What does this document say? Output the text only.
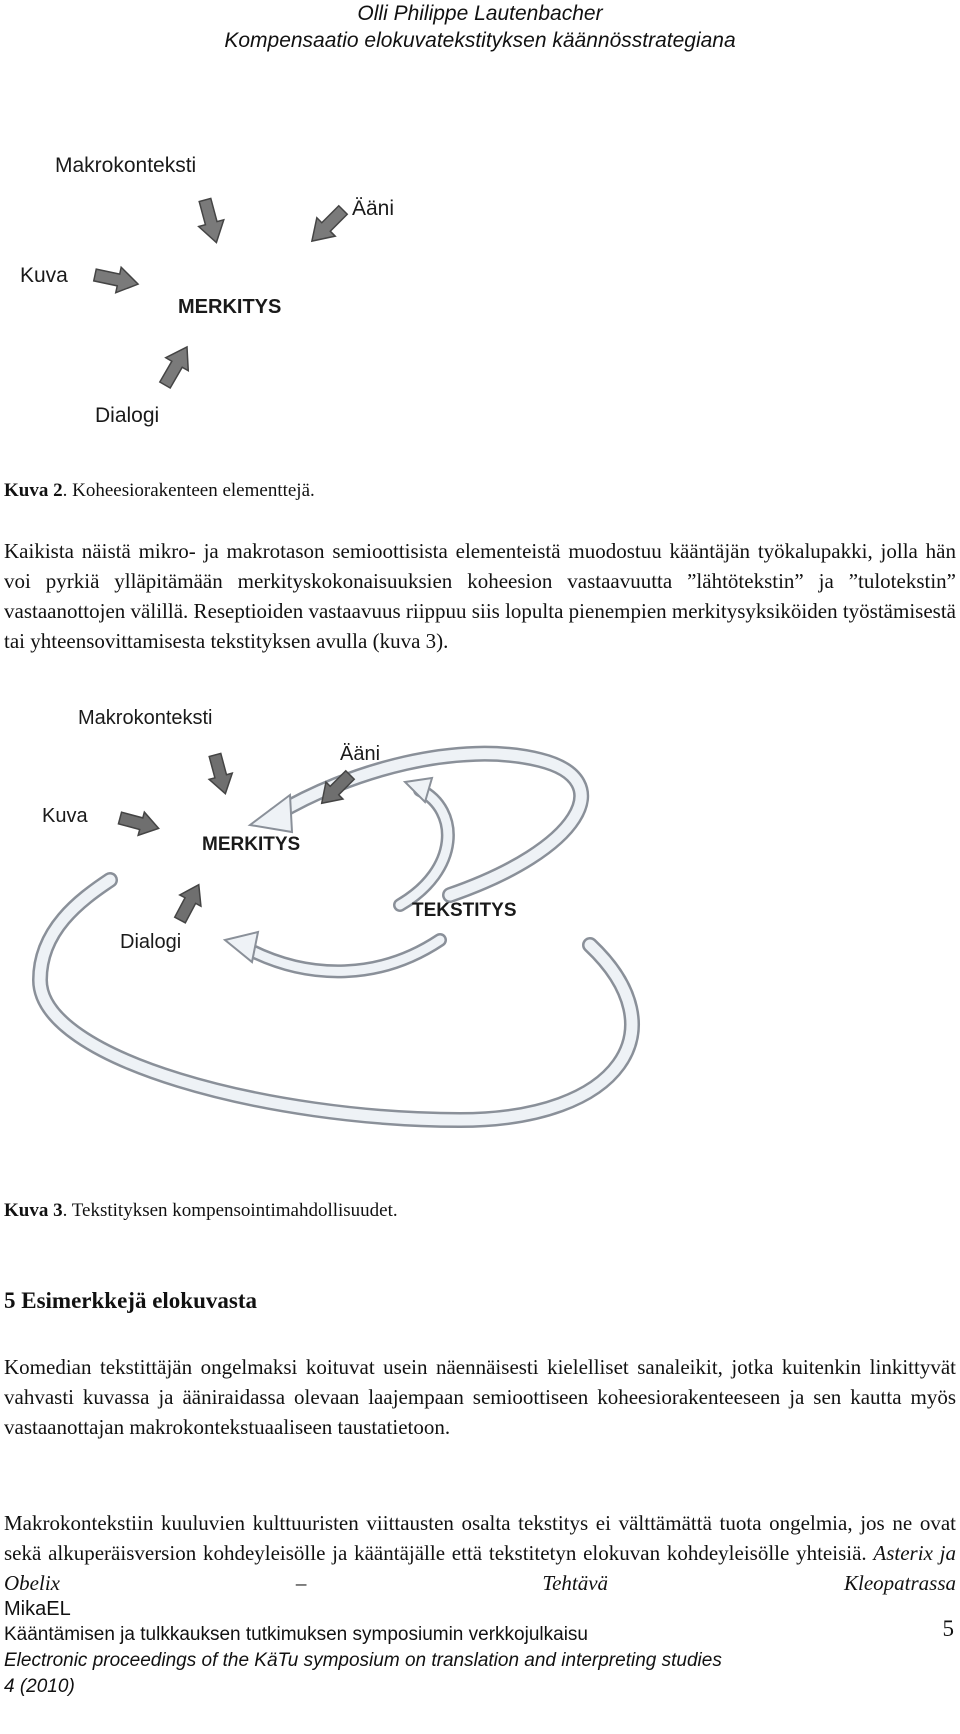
Olli Philippe Lautenbacher
Kompensaatio elokuvatekstityksen käännösstrategiana
Makrokonteksti
Ääni
Kuva
MERKITYS
Dialogi
Kuva 2. Koheesiorakenteen elementtejä.
Kaikista näistä mikro- ja makrotason semioottisista elementeistä muodostuu kääntäjän työkalupakki, jolla hän voi pyrkiä ylläpitämään merkityskokonaisuuksien koheesion vastaavuutta ”lähtötekstin” ja ”tulotekstin” vastaanottojen välillä. Reseptioiden vastaavuus riippuu siis lopulta pienempien merkitysyksiköiden työstämisestä tai yhteensovittamisesta tekstityksen avulla (kuva 3).
Makrokonteksti
Ääni
Kuva
MERKITYS
TEKSTITYS
Dialogi
Kuva 3. Tekstityksen kompensointimahdollisuudet.
5 Esimerkkejä elokuvasta
Komedian tekstittäjän ongelmaksi koituvat usein näennäisesti kielelliset sanaleikit, jotka kuitenkin linkittyvät vahvasti kuvassa ja ääniraidassa olevaan laajempaan semioottiseen koheesiorakenteeseen ja sen kautta myös vastaanottajan makrokontekstuaaliseen taustatietoon.
Makrokontekstiin kuuluvien kulttuuristen viittausten osalta tekstitys ei välttämättä tuota ongelmia, jos ne ovat sekä alkuperäisversion kohdeyleisölle ja kääntäjälle että tekstitetyn elokuvan kohdeyleisölle yhteisiä. Asterix ja Obelix – Tehtävä Kleopatrassa
MikaEL
Kääntämisen ja tulkkauksen tutkimuksen symposiumin verkkojulkaisu
Electronic proceedings of the KäTu symposium on translation and interpreting studies
4 (2010)
5
